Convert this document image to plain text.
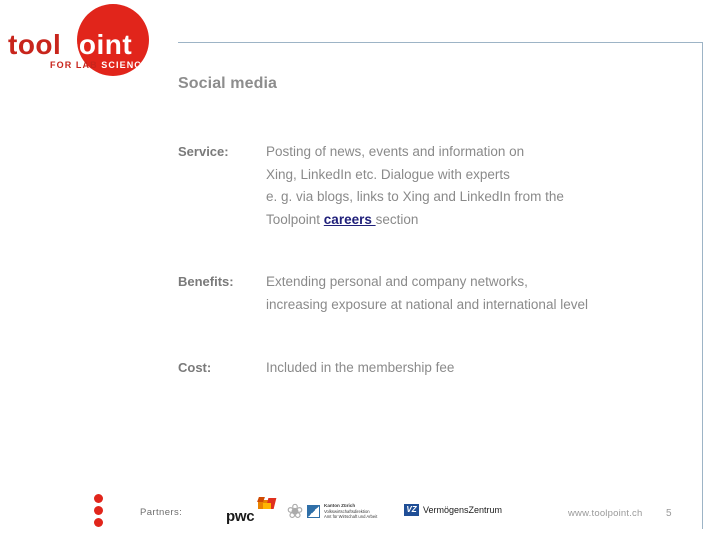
toolpoint
FOR LAB SCIENCE
Social media
Service:	Posting of news, events and information on
Xing, LinkedIn etc. Dialogue with experts
e. g. via blogs, links to Xing and LinkedIn from the
Toolpoint careers section
Benefits:	Extending personal and company networks,
increasing exposure at national and international level
Cost:	Included in the membership fee
Partners:	pwc ❀	Kanton Zürich
Volkswirtschaftsdirektion
Amt für Wirtschaft und Arbeit
VZ VermögensZentrum	www.toolpoint.ch 5
